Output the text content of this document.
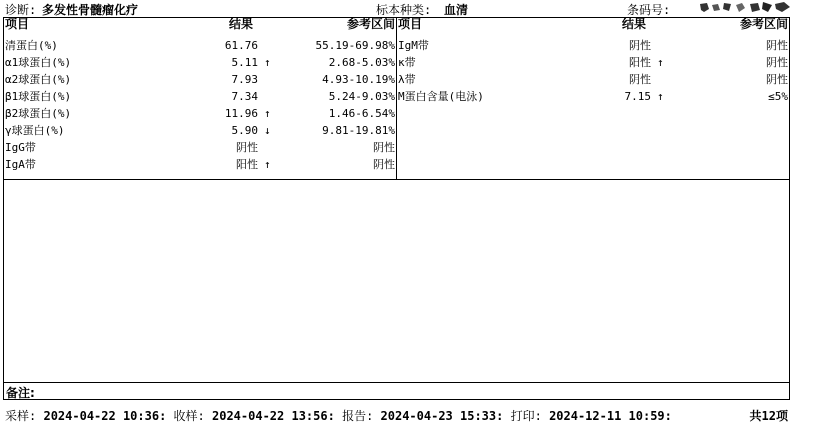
诊断: 多发性骨髓瘤化疗	标本种类: 血清	条码号:
项目	结果	参考区间 项目	结果	参考区间
清蛋白(%)	61.76	55.19-69.98%
α1球蛋白(%)	5.11 ↑	2.68-5.03%
α2球蛋白(%)	7.93	4.93-10.19%
β1球蛋白(%)	7.34	5.24-9.03%
β2球蛋白(%)	11.96 ↑	1.46-6.54%
γ球蛋白(%)	5.90 ↓	9.81-19.81%
IgG带	阴性	阴性
IgA带	阳性 ↑	阴性
IgM带	阴性	阴性
κ带	阳性 ↑	阴性
λ带	阴性	阴性
M蛋白含量(电泳)	7.15 ↑	≤5%
备注:
采样: 2024-04-22 10:36: 收样: 2024-04-22 13:56: 报告: 2024-04-23 15:33: 打印: 2024-12-11 10:59:	共12项
